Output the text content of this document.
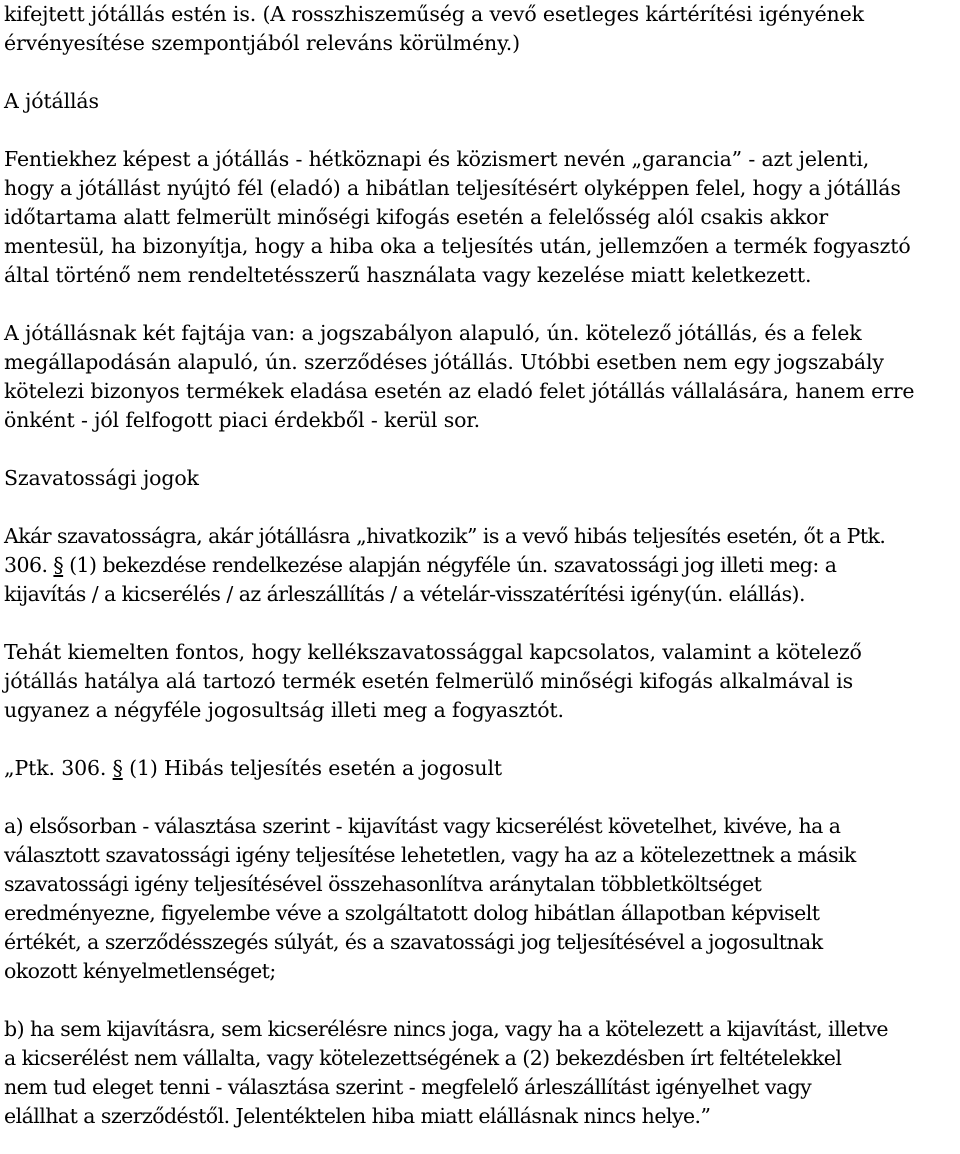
kifejtett jótállás estén is. (A rosszhiszeműség a vevő esetleges kártérítési igényének
érvényesítése szempontjából releváns körülmény.)
A jótállás
Fentiekhez képest a jótállás - hétköznapi és közismert nevén „garancia” - azt jelenti,
hogy a jótállást nyújtó fél (eladó) a hibátlan teljesítésért olyképpen felel, hogy a jótállás
időtartama alatt felmerült minőségi kifogás esetén a felelősség alól csakis akkor
mentesül, ha bizonyítja, hogy a hiba oka a teljesítés után, jellemzően a termék fogyasztó
által történő nem rendeltetésszerű használata vagy kezelése miatt keletkezett.
A jótállásnak két fajtája van: a jogszabályon alapuló, ún. kötelező jótállás, és a felek
megállapodásán alapuló, ún. szerződéses jótállás. Utóbbi esetben nem egy jogszabály
kötelezi bizonyos termékek eladása esetén az eladó felet jótállás vállalására, hanem erre
önként - jól felfogott piaci érdekből - kerül sor.
Szavatossági jogok
Akár szavatosságra, akár jótállásra „hivatkozik” is a vevő hibás teljesítés esetén, őt a Ptk.
306. § (1) bekezdése rendelkezése alapján négyféle ún. szavatossági jog illeti meg: a
kijavítás / a kicserélés / az árleszállítás / a vételár-visszatérítési igény(ún. elállás).
Tehát kiemelten fontos, hogy kellékszavatossággal kapcsolatos, valamint a kötelező
jótállás hatálya alá tartozó termék esetén felmerülő minőségi kifogás alkalmával is
ugyanez a négyféle jogosultság illeti meg a fogyasztót.
„Ptk. 306. § (1) Hibás teljesítés esetén a jogosult
a) elsősorban - választása szerint - kijavítást vagy kicserélést követelhet, kivéve, ha a
választott szavatossági igény teljesítése lehetetlen, vagy ha az a kötelezettnek a másik
szavatossági igény teljesítésével összehasonlítva aránytalan többletköltséget
eredményezne, figyelembe véve a szolgáltatott dolog hibátlan állapotban képviselt
értékét, a szerződésszegés súlyát, és a szavatossági jog teljesítésével a jogosultnak
okozott kényelmetlenséget;
b) ha sem kijavításra, sem kicserélésre nincs joga, vagy ha a kötelezett a kijavítást, illetve
a kicserélést nem vállalta, vagy kötelezettségének a (2) bekezdésben írt feltételekkel
nem tud eleget tenni - választása szerint - megfelelő árleszállítást igényelhet vagy
elállhat a szerződéstől. Jelentéktelen hiba miatt elállásnak nincs helye.”
